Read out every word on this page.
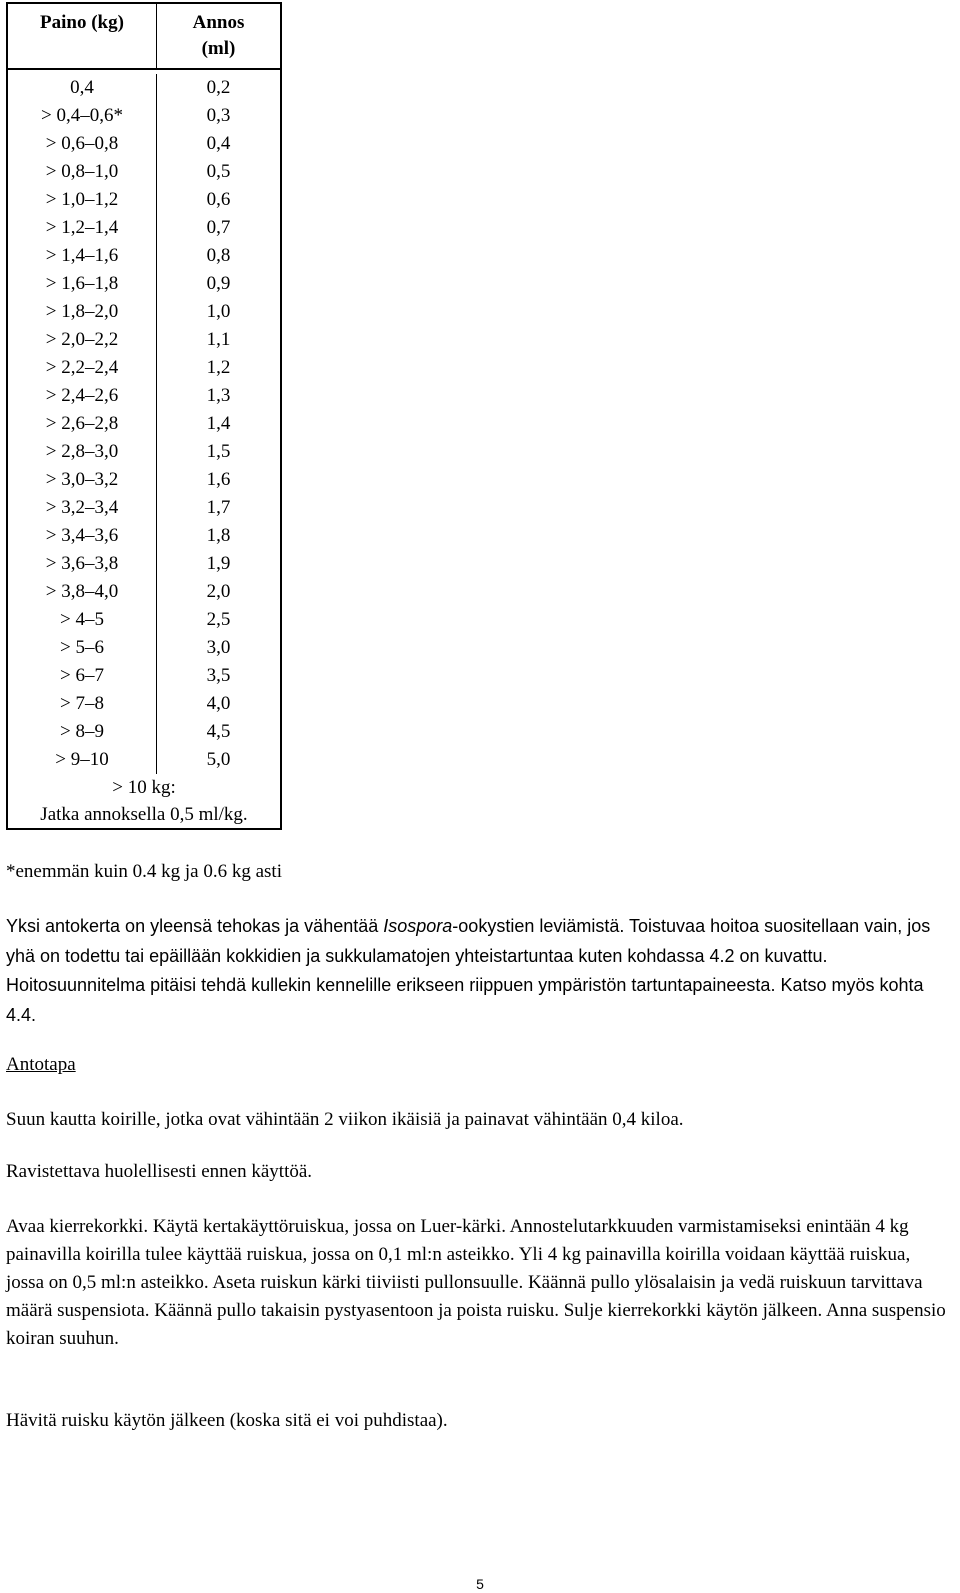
Paino (kg)	Annos
(ml)
0,4	0,2
> 0,4–0,6*	0,3
> 0,6–0,8	0,4
> 0,8–1,0	0,5
> 1,0–1,2	0,6
> 1,2–1,4	0,7
> 1,4–1,6	0,8
> 1,6–1,8	0,9
> 1,8–2,0	1,0
> 2,0–2,2	1,1
> 2,2–2,4	1,2
> 2,4–2,6	1,3
> 2,6–2,8	1,4
> 2,8–3,0	1,5
> 3,0–3,2	1,6
> 3,2–3,4	1,7
> 3,4–3,6	1,8
> 3,6–3,8	1,9
> 3,8–4,0	2,0
> 4–5	2,5
> 5–6	3,0
> 6–7	3,5
> 7–8	4,0
> 8–9	4,5
> 9–10	5,0
> 10 kg:
Jatka annoksella 0,5 ml/kg.
*enemmän kuin 0.4 kg ja 0.6 kg asti
Yksi antokerta on yleensä tehokas ja vähentää Isospora-ookystien leviämistä. Toistuvaa hoitoa suositellaan vain, jos yhä on todettu tai epäillään kokkidien ja sukkulamatojen yhteistartuntaa kuten kohdassa 4.2 on kuvattu. Hoitosuunnitelma pitäisi tehdä kullekin kennelille erikseen riippuen ympäristön tartuntapaineesta. Katso myös kohta 4.4.
Antotapa
Suun kautta koirille, jotka ovat vähintään 2 viikon ikäisiä ja painavat vähintään 0,4 kiloa.
Ravistettava huolellisesti ennen käyttöä.
Avaa kierrekorkki. Käytä kertakäyttöruiskua, jossa on Luer-kärki. Annostelutarkkuuden varmistamiseksi enintään 4 kg painavilla koirilla tulee käyttää ruiskua, jossa on 0,1 ml:n asteikko. Yli 4 kg painavilla koirilla voidaan käyttää ruiskua, jossa on 0,5 ml:n asteikko. Aseta ruiskun kärki tiiviisti pullonsuulle. Käännä pullo ylösalaisin ja vedä ruiskuun tarvittava määrä suspensiota. Käännä pullo takaisin pystyasentoon ja poista ruisku. Sulje kierrekorkki käytön jälkeen. Anna suspensio koiran suuhun.
Hävitä ruisku käytön jälkeen (koska sitä ei voi puhdistaa).
5
